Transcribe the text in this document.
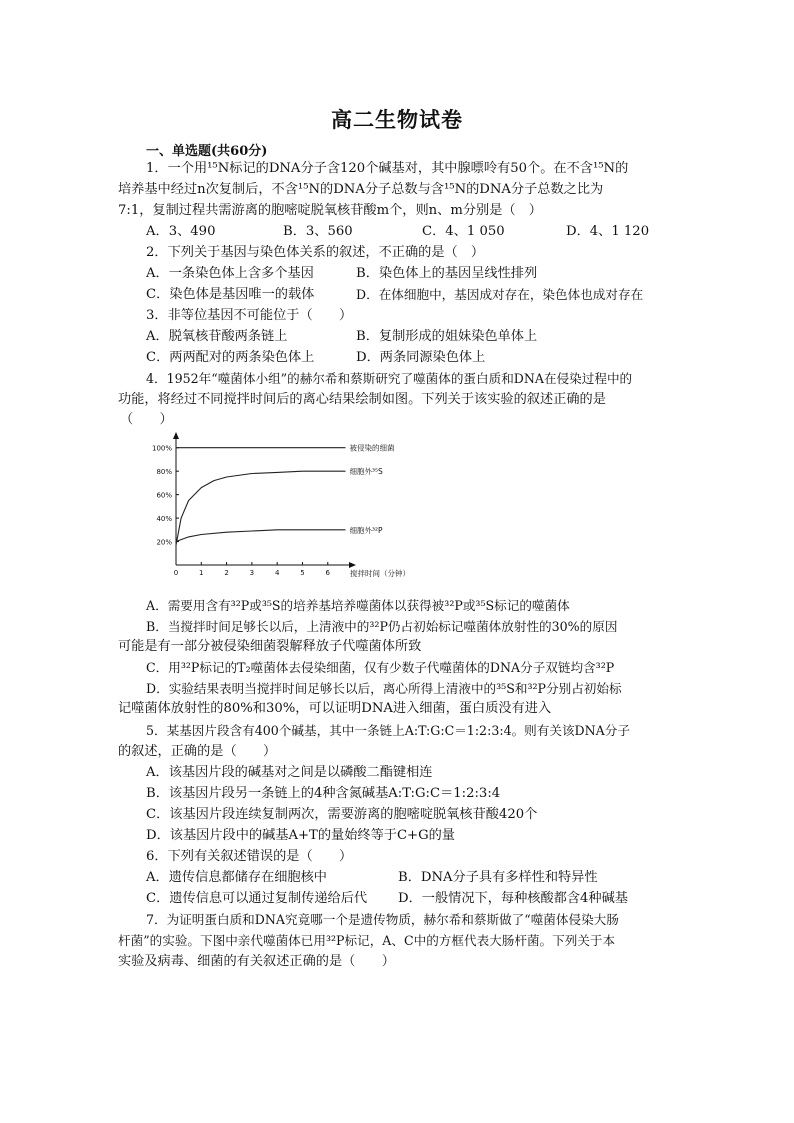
高二生物试卷
一、单选题(共60分)
1．一个用¹⁵N标记的DNA分子含120个碱基对，其中腺嘌呤有50个。在不含¹⁵N的
培养基中经过n次复制后，不含¹⁵N的DNA分子总数与含¹⁵N的DNA分子总数之比为
7:1，复制过程共需游离的胞嘧啶脱氧核苷酸m个，则n、m分别是（　）
A．3、490	B．3、560	C．4、1 050	D．4、1 120
2．下列关于基因与染色体关系的叙述，不正确的是（　）
A．一条染色体上含多个基因	B．染色体上的基因呈线性排列
C．染色体是基因唯一的载体	D．在体细胞中，基因成对存在，染色体也成对存在
3．非等位基因不可能位于（　　）
A．脱氧核苷酸两条链上	B．复制形成的姐妹染色单体上
C．两两配对的两条染色体上	D．两条同源染色体上
4．1952年“噬菌体小组”的赫尔希和蔡斯研究了噬菌体的蛋白质和DNA在侵染过程中的
功能，将经过不同搅拌时间后的离心结果绘制如图。下列关于该实验的叙述正确的是
（　　）
20%
40%
60%
80%
100%
0	1	2	3	4	5	6	搅拌时间（分钟）
被侵染的细菌
细胞外³⁵S
细胞外³²P
A．需要用含有³²P或³⁵S的培养基培养噬菌体以获得被³²P或³⁵S标记的噬菌体
B．当搅拌时间足够长以后，上清液中的³²P仍占初始标记噬菌体放射性的30%的原因
可能是有一部分被侵染细菌裂解释放子代噬菌体所致
C．用³²P标记的T₂噬菌体去侵染细菌，仅有少数子代噬菌体的DNA分子双链均含³²P
D．实验结果表明当搅拌时间足够长以后，离心所得上清液中的³⁵S和³²P分别占初始标
记噬菌体放射性的80%和30%，可以证明DNA进入细菌，蛋白质没有进入
5．某基因片段含有400个碱基，其中一条链上A:T:G:C＝1:2:3:4。则有关该DNA分子
的叙述，正确的是（　　）
A．该基因片段的碱基对之间是以磷酸二酯键相连
B．该基因片段另一条链上的4种含氮碱基A:T:G:C＝1:2:3:4
C．该基因片段连续复制两次，需要游离的胞嘧啶脱氧核苷酸420个
D．该基因片段中的碱基A+T的量始终等于C+G的量
6．下列有关叙述错误的是（　　）
A．遗传信息都储存在细胞核中	B．DNA分子具有多样性和特异性
C．遗传信息可以通过复制传递给后代 D．一般情况下，每种核酸都含4种碱基
7．为证明蛋白质和DNA究竟哪一个是遗传物质，赫尔希和蔡斯做了“噬菌体侵染大肠
杆菌”的实验。下图中亲代噬菌体已用³²P标记，A、C中的方框代表大肠杆菌。下列关于本
实验及病毒、细菌的有关叙述正确的是（　　）
